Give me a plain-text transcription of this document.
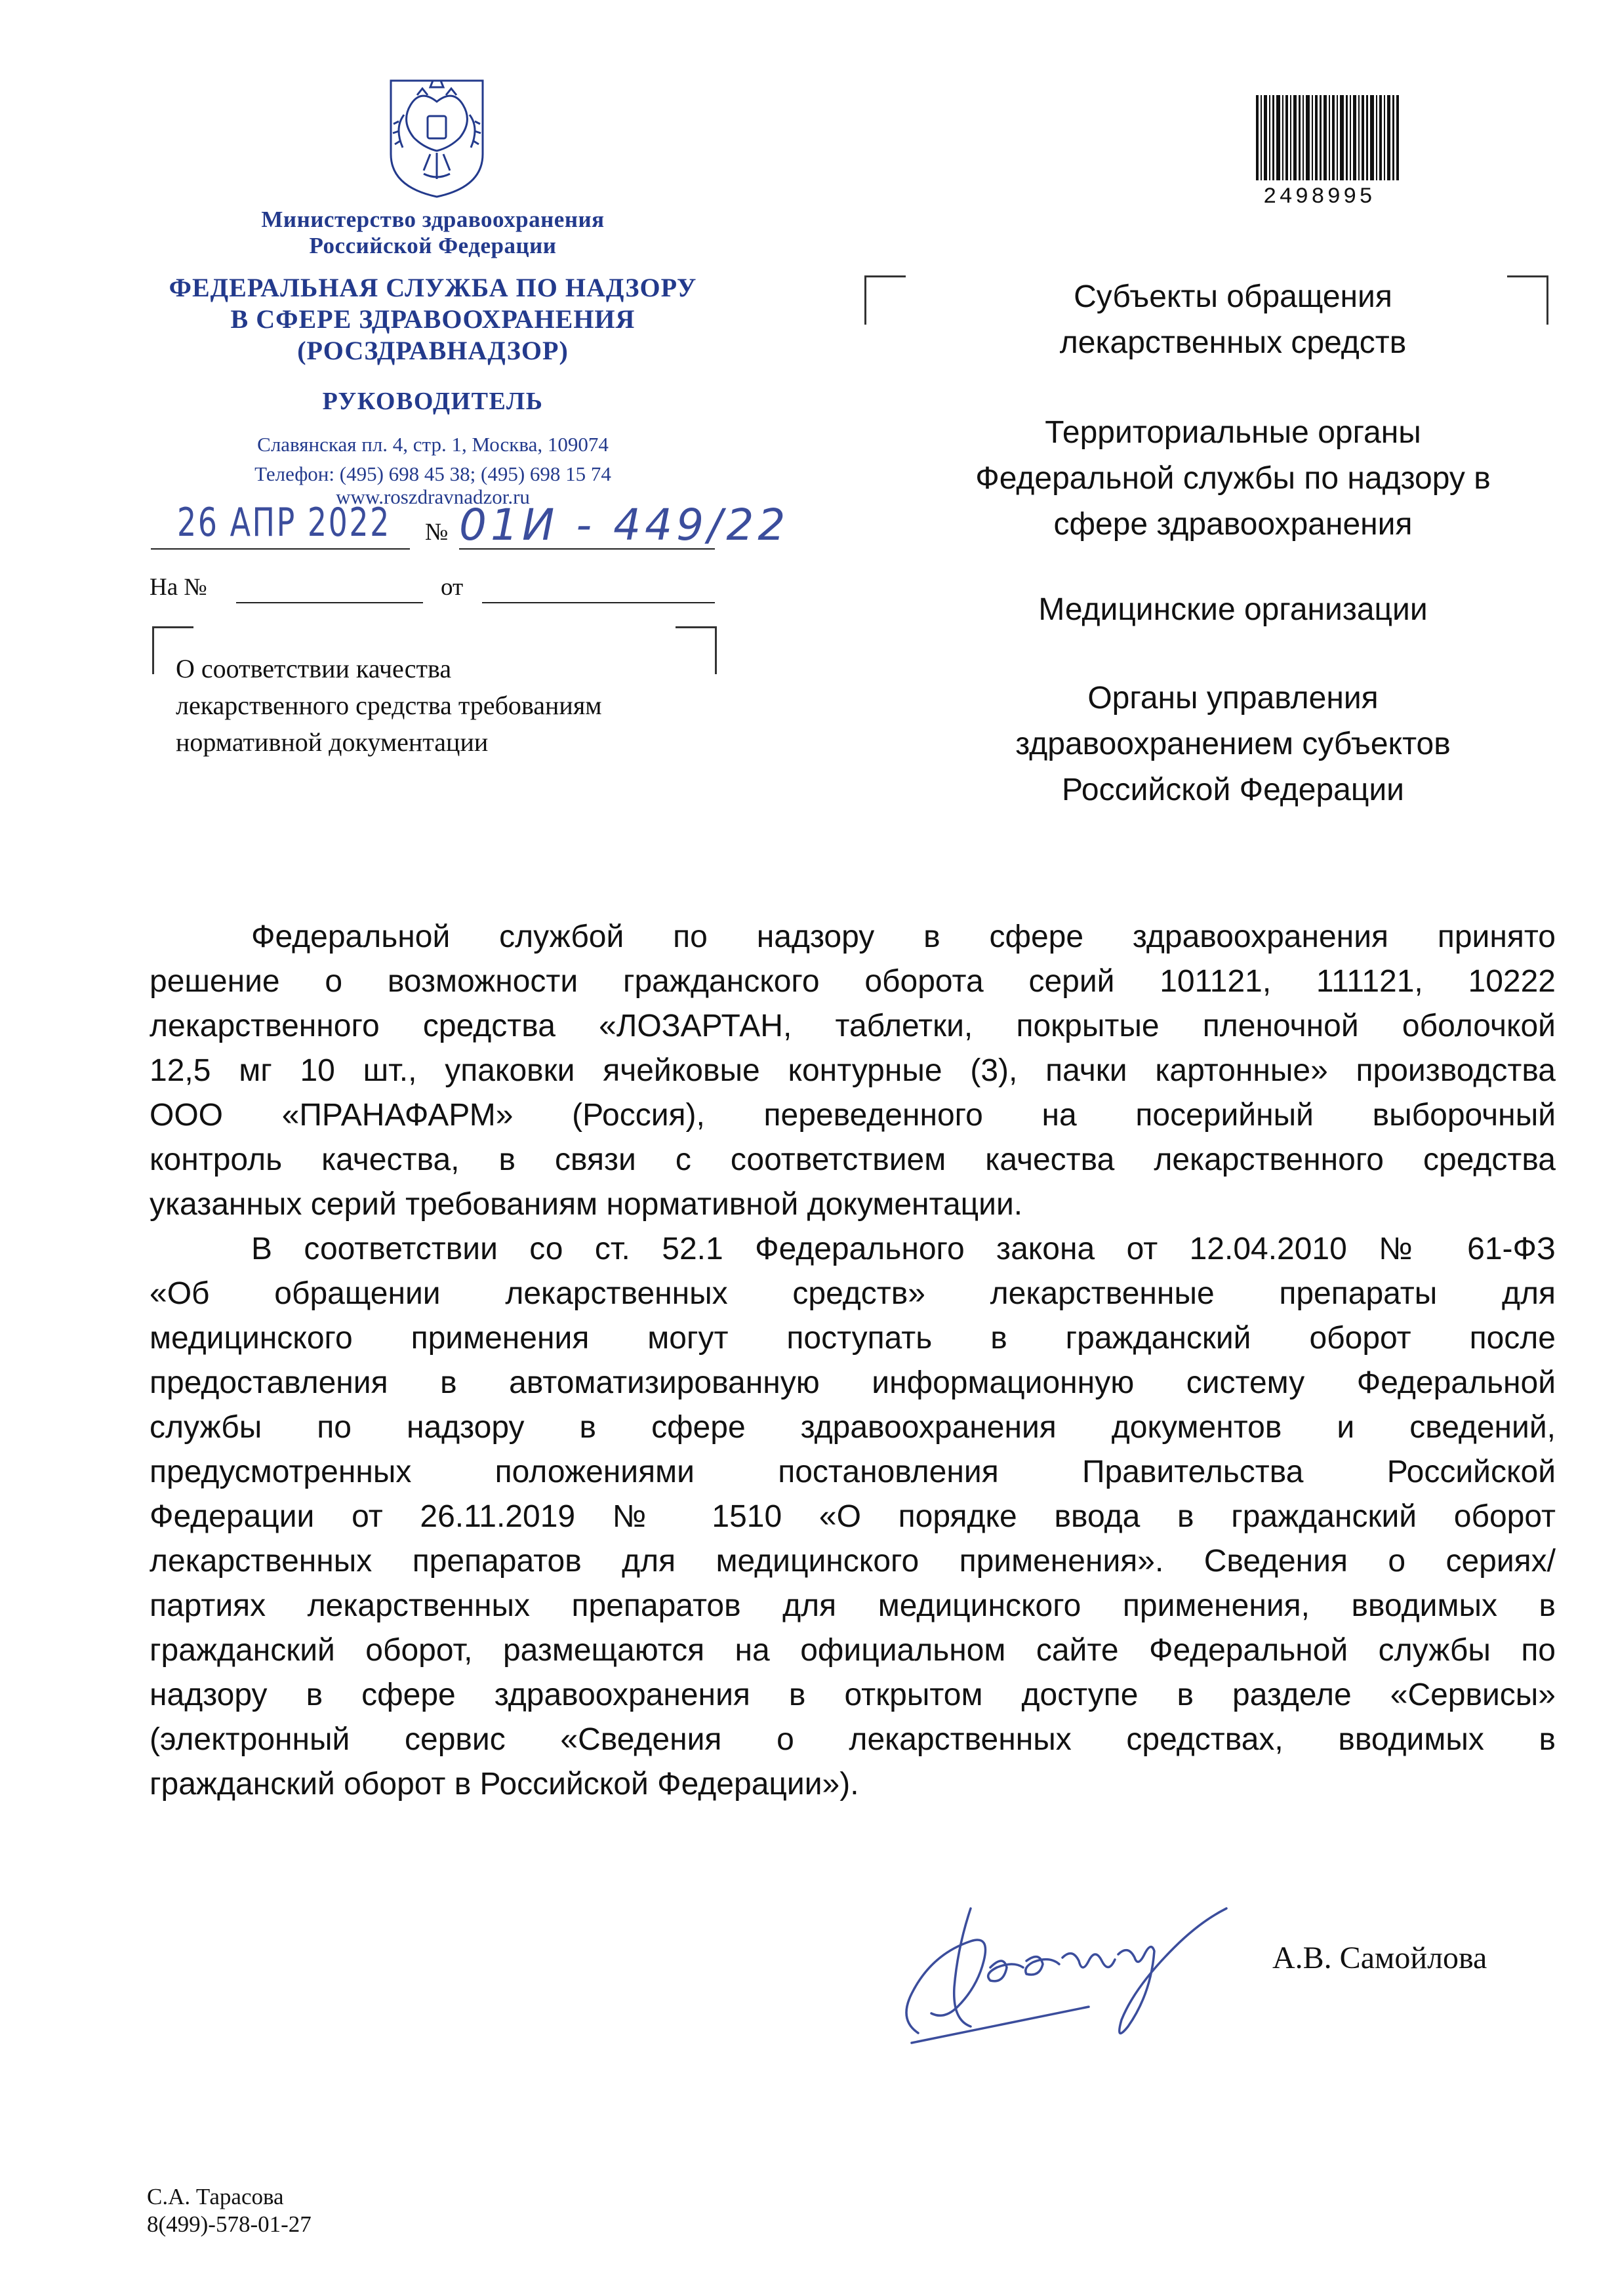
Министерство здравоохранения
Российской Федерации
ФЕДЕРАЛЬНАЯ СЛУЖБА ПО НАДЗОРУ
В СФЕРЕ ЗДРАВООХРАНЕНИЯ
(РОСЗДРАВНАДЗОР)
РУКОВОДИТЕЛЬ
Славянская пл. 4, стр. 1, Москва, 109074
Телефон: (495) 698 45 38; (495) 698 15 74
www.roszdravnadzor.ru
26 АПР 2022 № 01И - 449/22
На №	от
О соответствии качества
лекарственного средства требованиям
нормативной документации
2498995
Субъекты обращения
лекарственных средств
Территориальные органы
Федеральной службы по надзору в
сфере здравоохранения
Медицинские организации
Органы управления
здравоохранением субъектов
Российской Федерации
Федеральной службой по надзору в сфере здравоохранения принято
решение о возможности гражданского оборота серий 101121, 111121, 10222
лекарственного средства «ЛОЗАРТАН, таблетки, покрытые пленочной оболочкой
12,5 мг 10 шт., упаковки ячейковые контурные (3), пачки картонные» производства
ООО «ПРАНАФАРМ» (Россия), переведенного на посерийный выборочный
контроль качества, в связи с соответствием качества лекарственного средства
указанных серий требованиям нормативной документации.
В соответствии со ст. 52.1 Федерального закона от 12.04.2010 № 61-ФЗ
«Об обращении лекарственных средств» лекарственные препараты для
медицинского применения могут поступать в гражданский оборот после
предоставления в автоматизированную информационную систему Федеральной
службы по надзору в сфере здравоохранения документов и сведений,
предусмотренных положениями постановления Правительства Российской
Федерации от 26.11.2019 № 1510 «О порядке ввода в гражданский оборот
лекарственных препаратов для медицинского применения». Сведения о сериях/
партиях лекарственных препаратов для медицинского применения, вводимых в
гражданский оборот, размещаются на официальном сайте Федеральной службы по
надзору в сфере здравоохранения в открытом доступе в разделе «Сервисы»
(электронный сервис «Сведения о лекарственных средствах, вводимых в
гражданский оборот в Российской Федерации»).
А.В. Самойлова
С.А. Тарасова
8(499)-578-01-27
